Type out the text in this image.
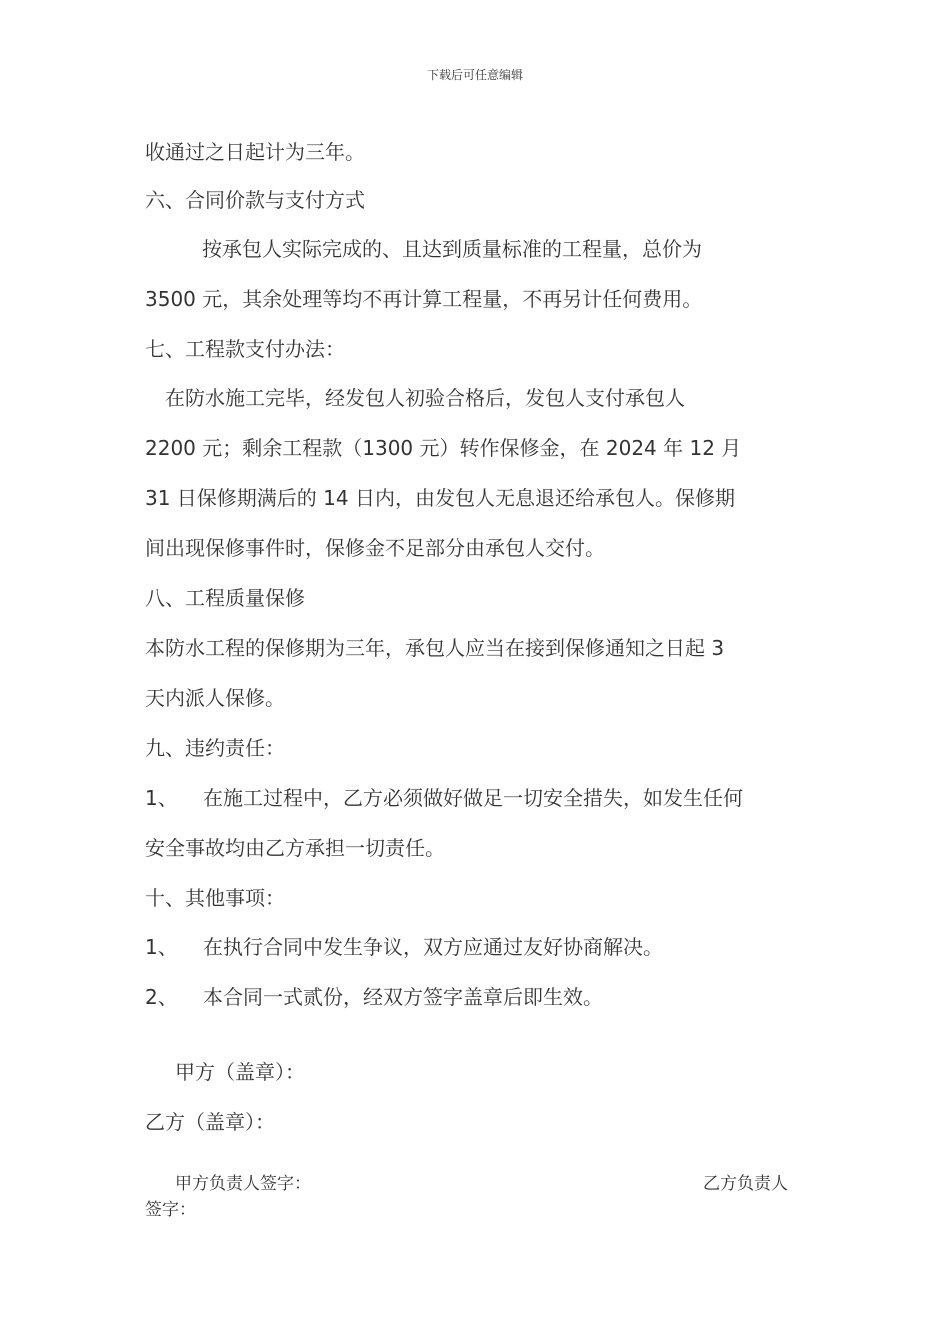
下载后可任意编辑
收通过之日起计为三年。
六、合同价款与支付方式
按承包人实际完成的、且达到质量标准的工程量，总价为
3500 元，其余处理等均不再计算工程量，不再另计任何费用。
七、工程款支付办法：
在防水施工完毕，经发包人初验合格后，发包人支付承包人
2200 元；剩余工程款（1300 元）转作保修金，在 2024 年 12 月
31 日保修期满后的 14 日内，由发包人无息退还给承包人。保修期
间出现保修事件时，保修金不足部分由承包人交付。
八、工程质量保修
本防水工程的保修期为三年，承包人应当在接到保修通知之日起 3
天内派人保修。
九、违约责任：
1、 在施工过程中，乙方必须做好做足一切安全措失，如发生任何
安全事故均由乙方承担一切责任。
十、其他事项：
1、 在执行合同中发生争议，双方应通过友好协商解决。
2、 本合同一式贰份，经双方签字盖章后即生效。
甲方（盖章）：
乙方（盖章）：
甲方负责人签字：	乙方负责人
签字：
